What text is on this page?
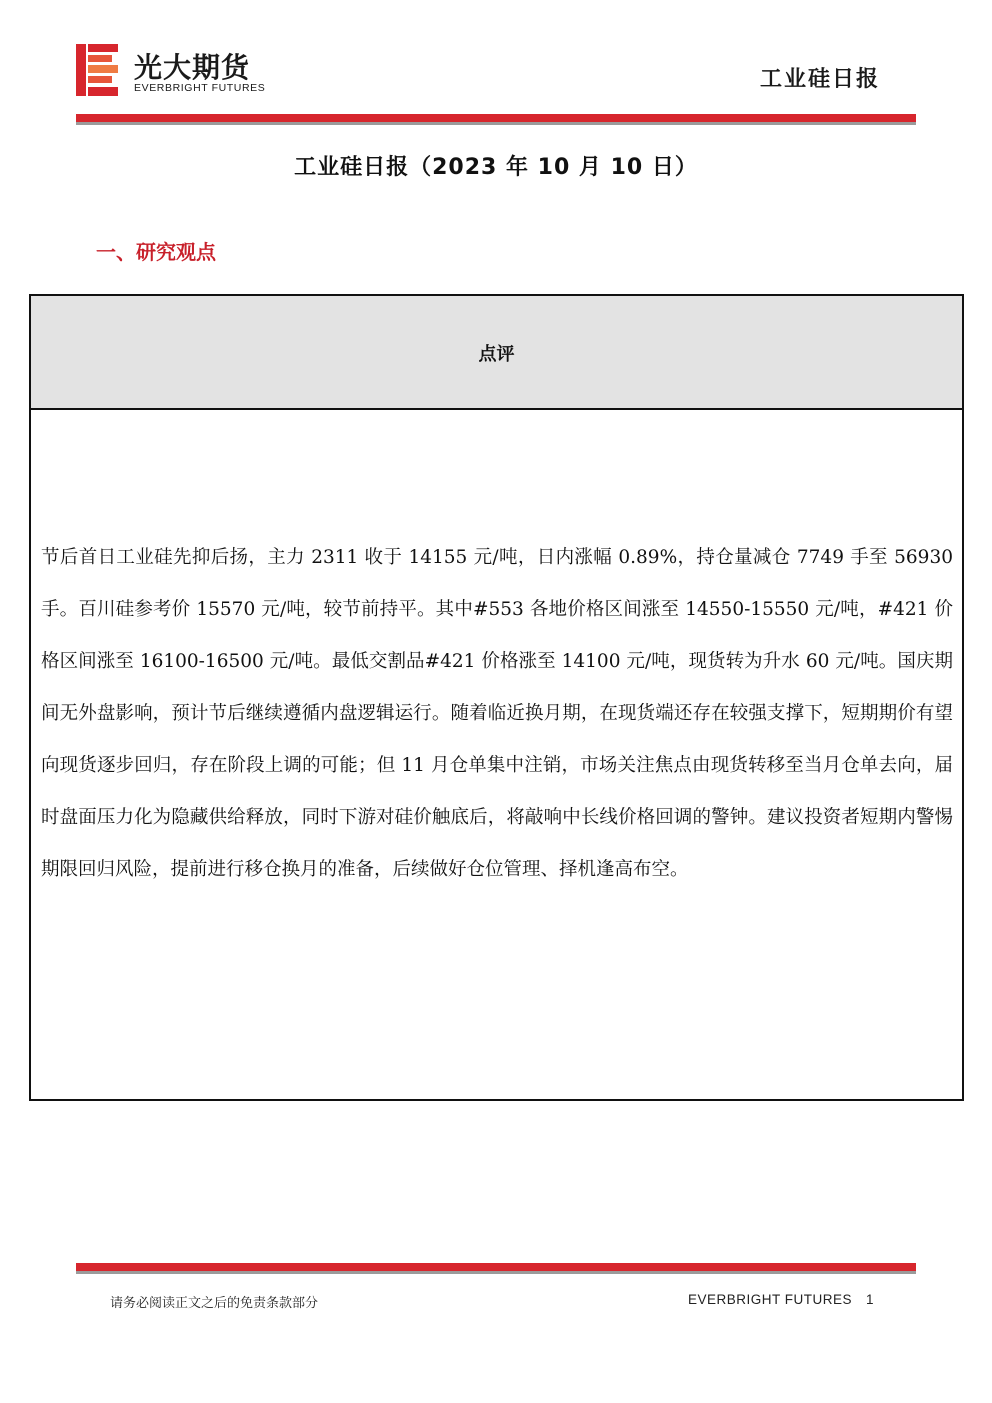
光大期货
EVERBRIGHT FUTURES	工业硅日报
工业硅日报（2023 年 10 月 10 日）
一、研究观点
点评
节后首日工业硅先抑后扬，主力 2311 收于 14155 元/吨，日内涨幅 0.89%，持仓量减仓 7749 手至 56930 手。百川硅参考价 15570 元/吨，较节前持平。其中#553 各地价格区间涨至 14550-15550 元/吨，#421 价格区间涨至 16100-16500 元/吨。最低交割品#421 价格涨至 14100 元/吨，现货转为升水 60 元/吨。国庆期间无外盘影响，预计节后继续遵循内盘逻辑运行。随着临近换月期，在现货端还存在较强支撑下，短期期价有望向现货逐步回归，存在阶段上调的可能；但 11 月仓单集中注销，市场关注焦点由现货转移至当月仓单去向，届时盘面压力化为隐藏供给释放，同时下游对硅价触底后，将敲响中长线价格回调的警钟。建议投资者短期内警惕期限回归风险，提前进行移仓换月的准备，后续做好仓位管理、择机逢高布空。
请务必阅读正文之后的免责条款部分	EVERBRIGHT FUTURES 1
